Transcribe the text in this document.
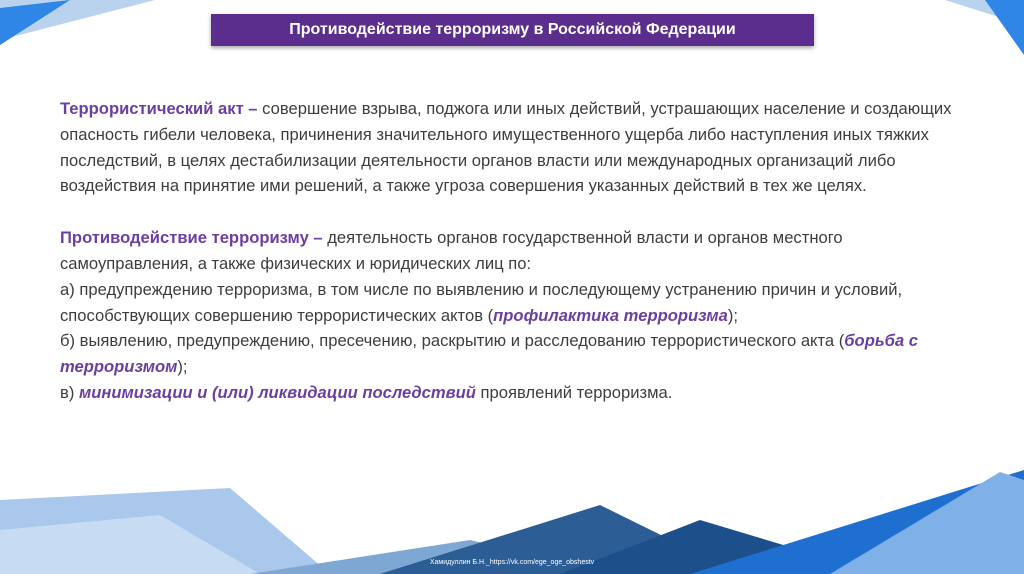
Противодействие терроризму в Российской Федерации

Террористический акт – совершение взрыва, поджога или иных действий, устрашающих население и создающих опасность гибели человека, причинения значительного имущественного ущерба либо наступления иных тяжких последствий, в целях дестабилизации деятельности органов власти или международных организаций либо воздействия на принятие ими решений, а также угроза совершения указанных действий в тех же целях.

Противодействие терроризму – деятельность органов государственной власти и органов местного самоуправления, а также физических и юридических лиц по:
а) предупреждению терроризма, в том числе по выявлению и последующему устранению причин и условий, способствующих совершению террористических актов (профилактика терроризма);
б) выявлению, предупреждению, пресечению, раскрытию и расследованию террористического акта (борьба с терроризмом);
в) минимизации и (или) ликвидации последствий проявлений терроризма.

Хамидуллин Б.Н._https://vk.com/ege_oge_obshestv
